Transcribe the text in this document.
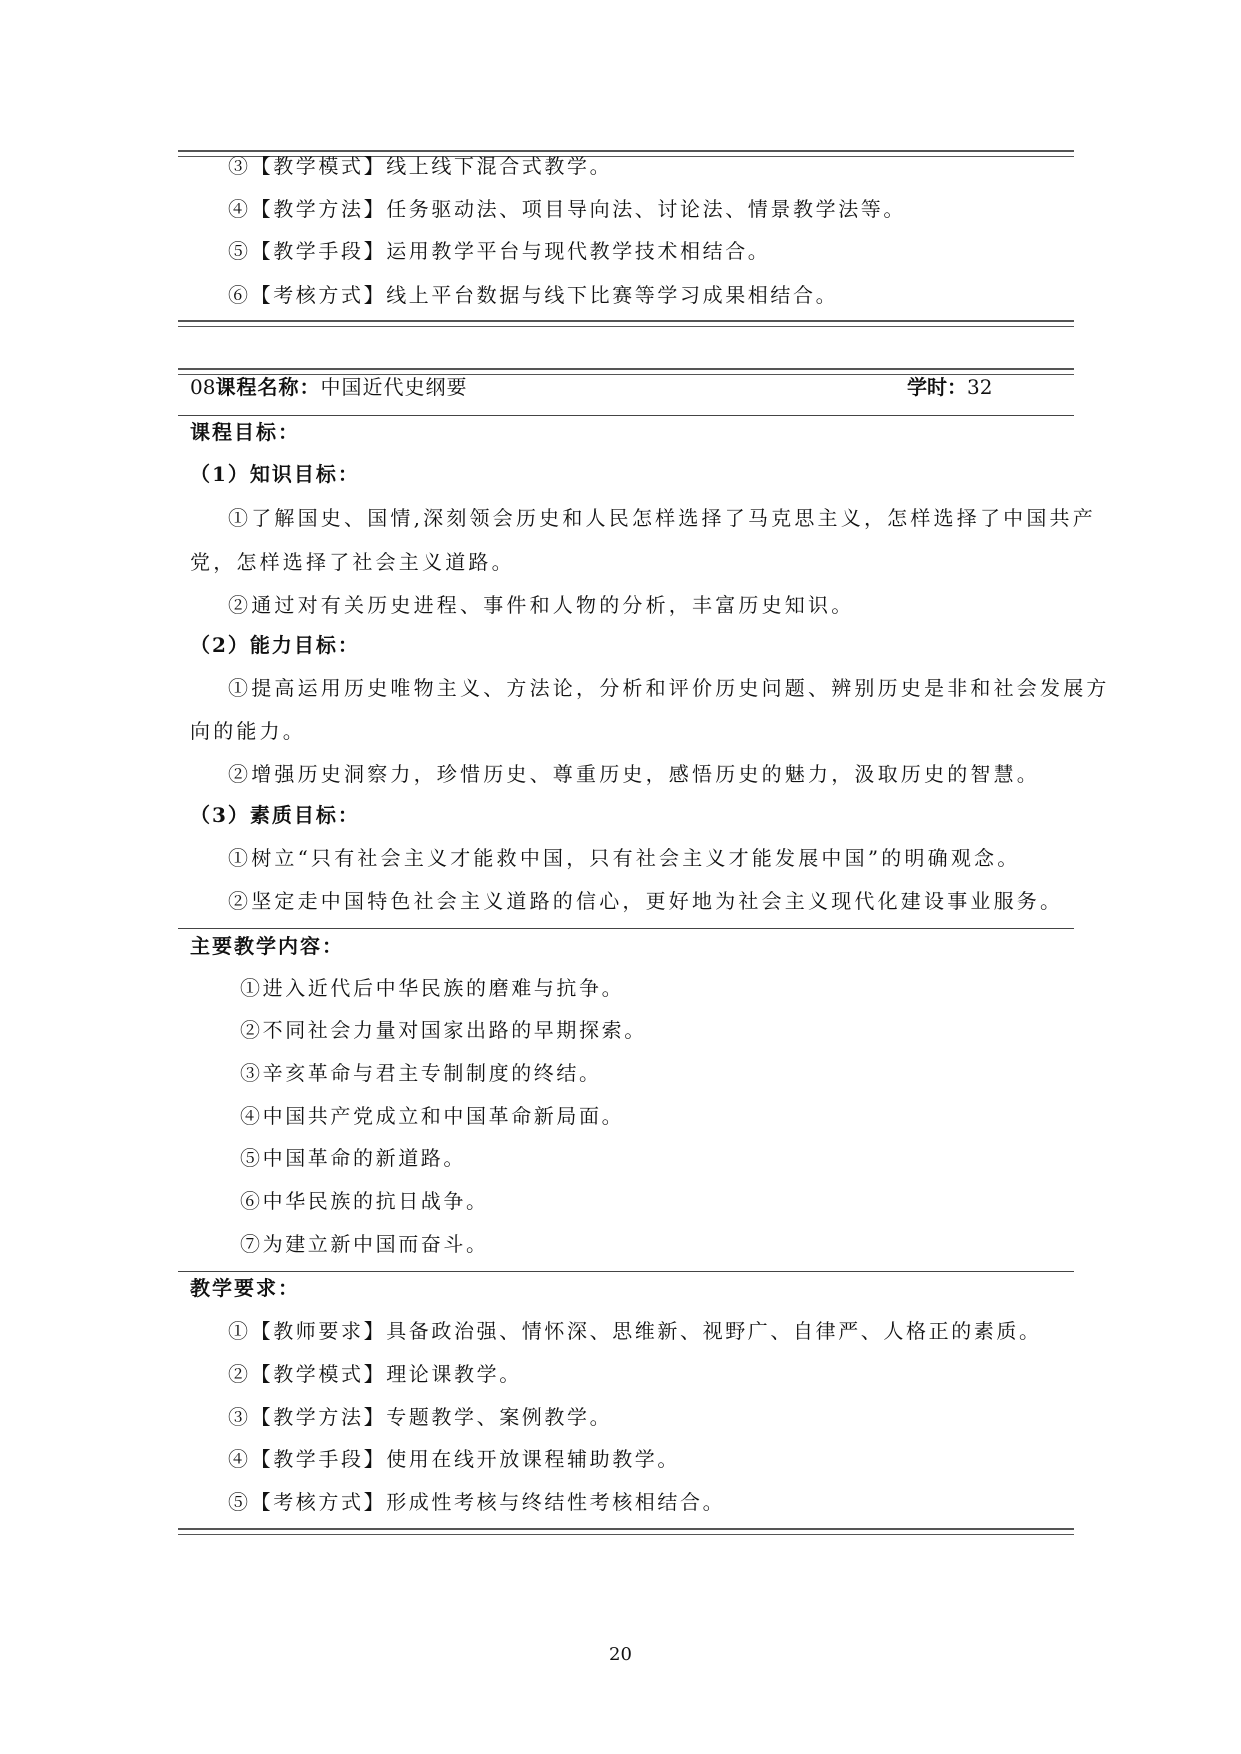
③【教学模式】线上线下混合式教学。
④【教学方法】任务驱动法、项目导向法、讨论法、情景教学法等。
⑤【教学手段】运用教学平台与现代教学技术相结合。
⑥【考核方式】线上平台数据与线下比赛等学习成果相结合。
08课程名称：中国近代史纲要	学时：32
课程目标：
（1）知识目标：
①了解国史、国情,深刻领会历史和人民怎样选择了马克思主义，怎样选择了中国共产
党，怎样选择了社会主义道路。
②通过对有关历史进程、事件和人物的分析，丰富历史知识。
（2）能力目标：
①提高运用历史唯物主义、方法论，分析和评价历史问题、辨别历史是非和社会发展方
向的能力。
②增强历史洞察力，珍惜历史、尊重历史，感悟历史的魅力，汲取历史的智慧。
（3）素质目标：
①树立“只有社会主义才能救中国，只有社会主义才能发展中国”的明确观念。
②坚定走中国特色社会主义道路的信心，更好地为社会主义现代化建设事业服务。
主要教学内容：
①进入近代后中华民族的磨难与抗争。
②不同社会力量对国家出路的早期探索。
③辛亥革命与君主专制制度的终结。
④中国共产党成立和中国革命新局面。
⑤中国革命的新道路。
⑥中华民族的抗日战争。
⑦为建立新中国而奋斗。
教学要求：
①【教师要求】具备政治强、情怀深、思维新、视野广、自律严、人格正的素质。
②【教学模式】理论课教学。
③【教学方法】专题教学、案例教学。
④【教学手段】使用在线开放课程辅助教学。
⑤【考核方式】形成性考核与终结性考核相结合。
20
